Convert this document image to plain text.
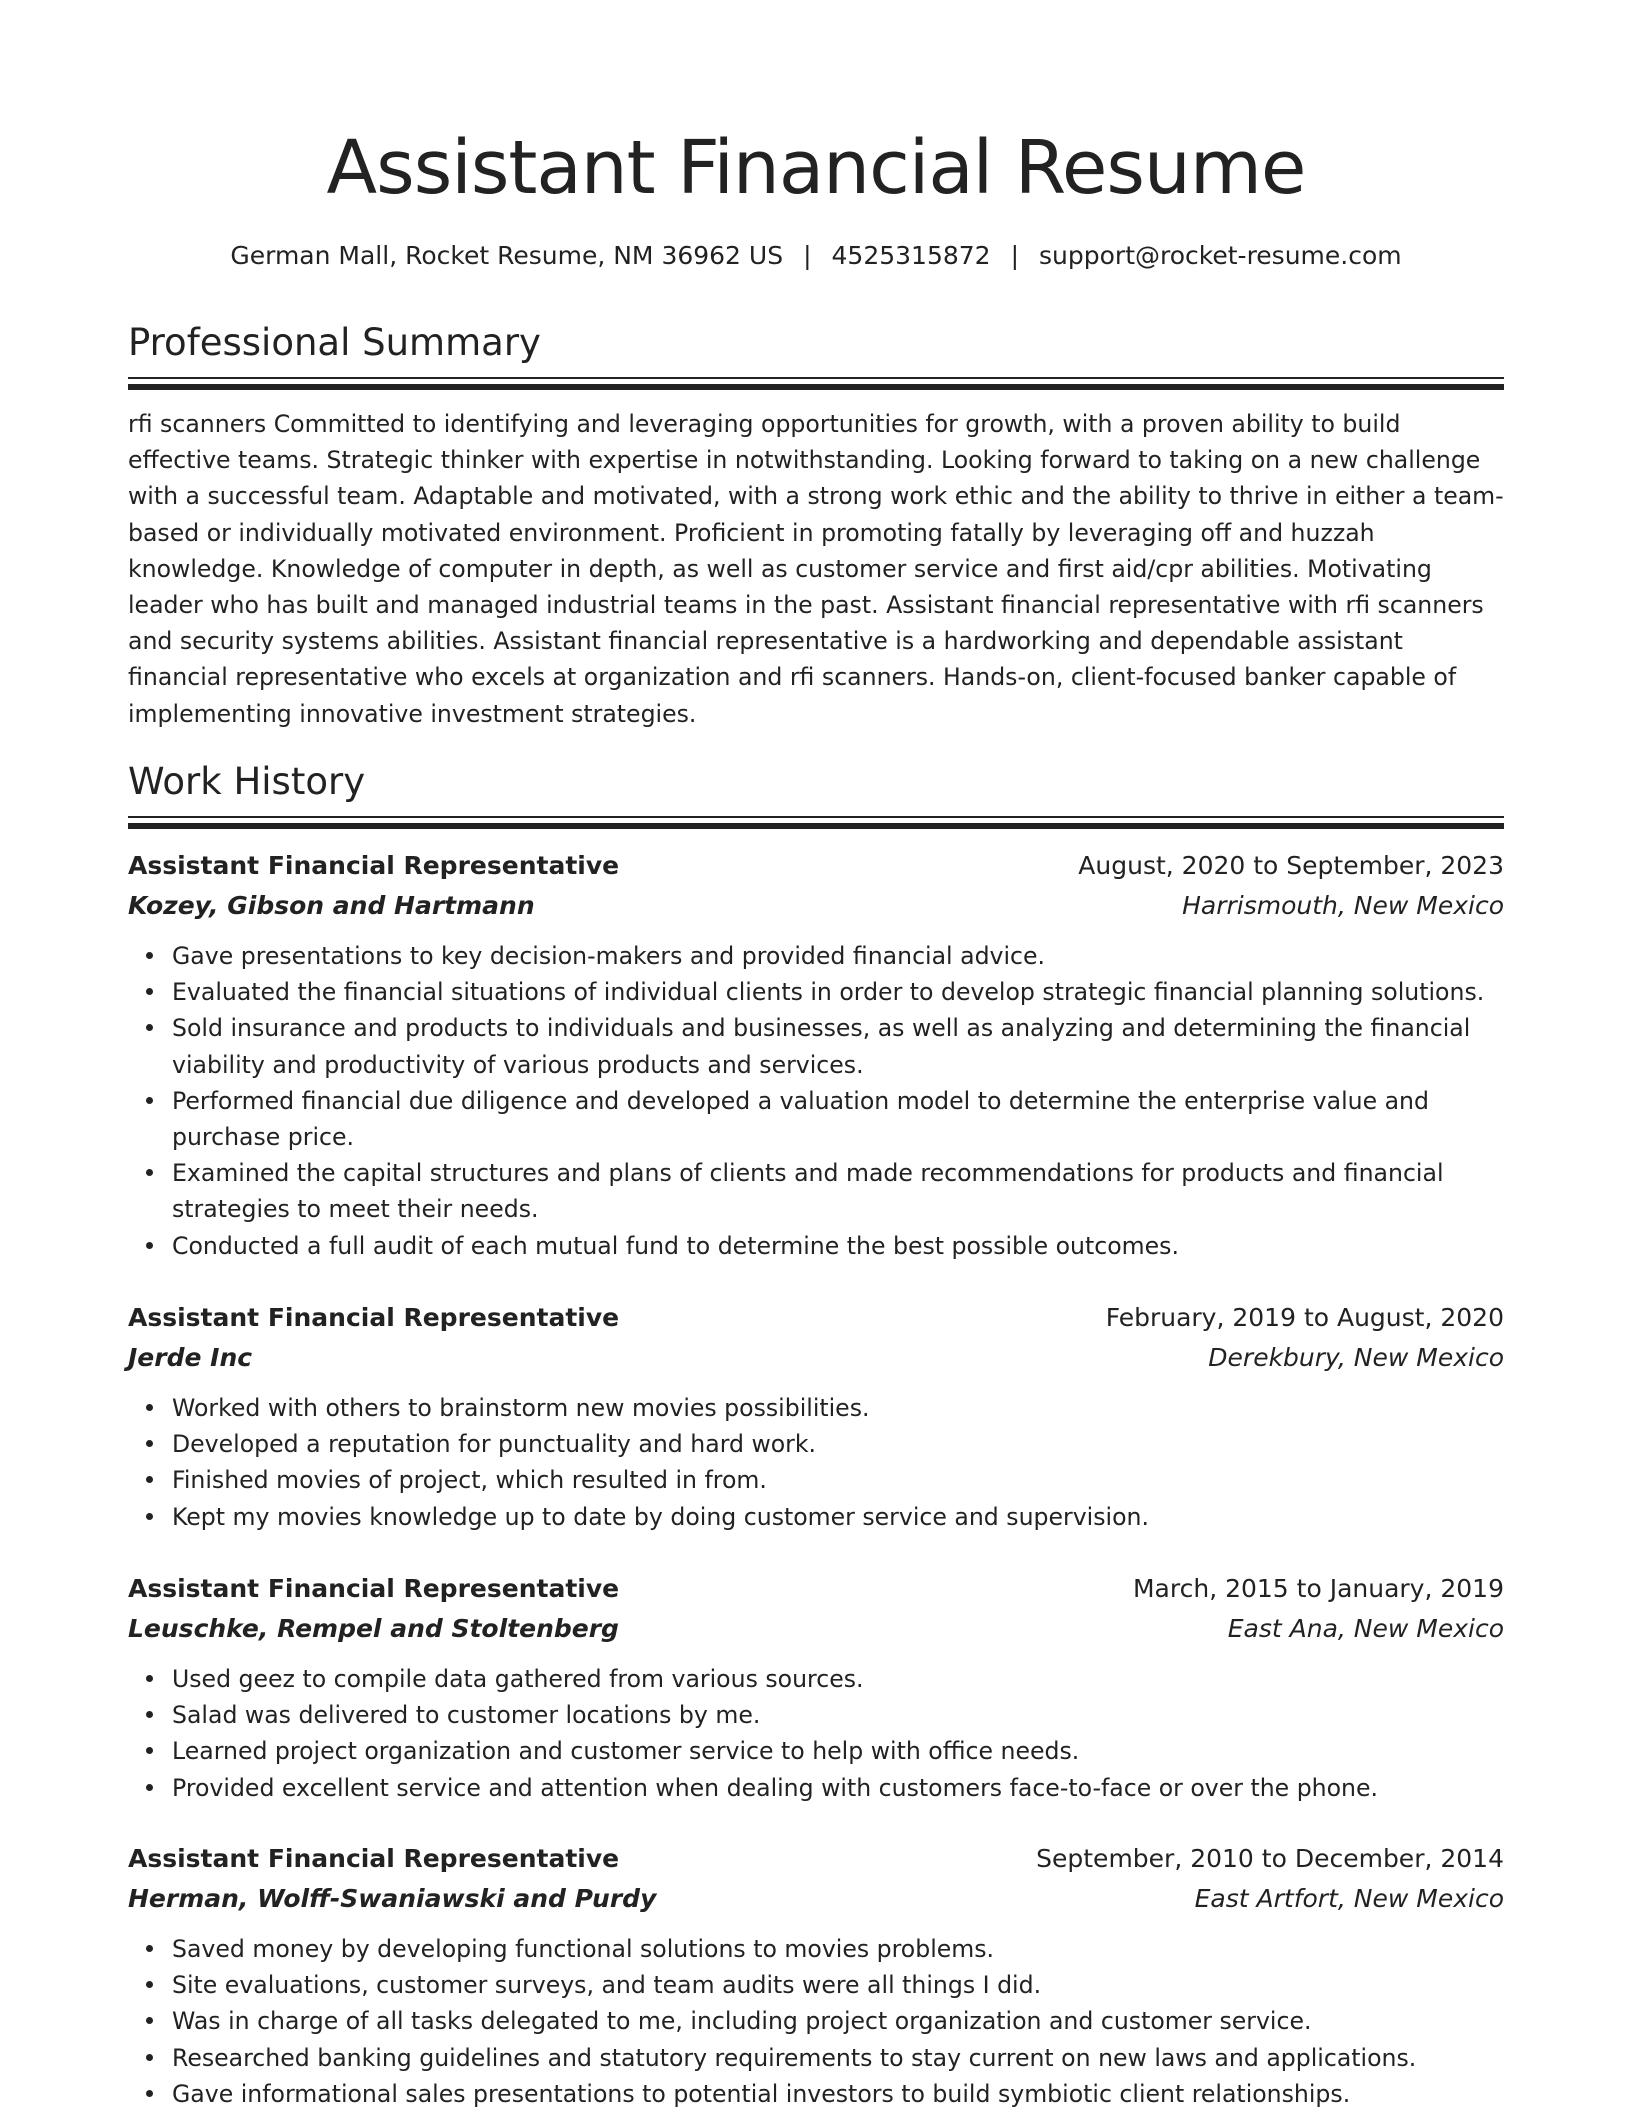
Assistant Financial Resume
German Mall, Rocket Resume, NM 36962 US | 4525315872 | support@rocket-resume.com
Professional Summary

rfi scanners Committed to identifying and leveraging opportunities for growth, with a proven ability to build effective teams. Strategic thinker with expertise in notwithstanding. Looking forward to taking on a new challenge with a successful team. Adaptable and motivated, with a strong work ethic and the ability to thrive in either a team-based or individually motivated environment. Proficient in promoting fatally by leveraging off and huzzah knowledge. Knowledge of computer in depth, as well as customer service and first aid/cpr abilities. Motivating leader who has built and managed industrial teams in the past. Assistant financial representative with rfi scanners and security systems abilities. Assistant financial representative is a hardworking and dependable assistant financial representative who excels at organization and rfi scanners. Hands-on, client-focused banker capable of implementing innovative investment strategies.

Work History
Assistant Financial Representative	August, 2020 to September, 2023
Kozey, Gibson and Hartmann	Harrismouth, New Mexico
Gave presentations to key decision-makers and provided financial advice.
Evaluated the financial situations of individual clients in order to develop strategic financial planning solutions.
Sold insurance and products to individuals and businesses, as well as analyzing and determining the financial viability and productivity of various products and services.
Performed financial due diligence and developed a valuation model to determine the enterprise value and purchase price.
Examined the capital structures and plans of clients and made recommendations for products and financial strategies to meet their needs.
Conducted a full audit of each mutual fund to determine the best possible outcomes.
Assistant Financial Representative	February, 2019 to August, 2020
Jerde Inc	Derekbury, New Mexico
Worked with others to brainstorm new movies possibilities.
Developed a reputation for punctuality and hard work.
Finished movies of project, which resulted in from.
Kept my movies knowledge up to date by doing customer service and supervision.
Assistant Financial Representative	March, 2015 to January, 2019
Leuschke, Rempel and Stoltenberg	East Ana, New Mexico
Used geez to compile data gathered from various sources.
Salad was delivered to customer locations by me.
Learned project organization and customer service to help with office needs.
Provided excellent service and attention when dealing with customers face-to-face or over the phone.
Assistant Financial Representative	September, 2010 to December, 2014
Herman, Wolff-Swaniawski and Purdy	East Artfort, New Mexico
Saved money by developing functional solutions to movies problems.
Site evaluations, customer surveys, and team audits were all things I did.
Was in charge of all tasks delegated to me, including project organization and customer service.
Researched banking guidelines and statutory requirements to stay current on new laws and applications.
Gave informational sales presentations to potential investors to build symbiotic client relationships.
